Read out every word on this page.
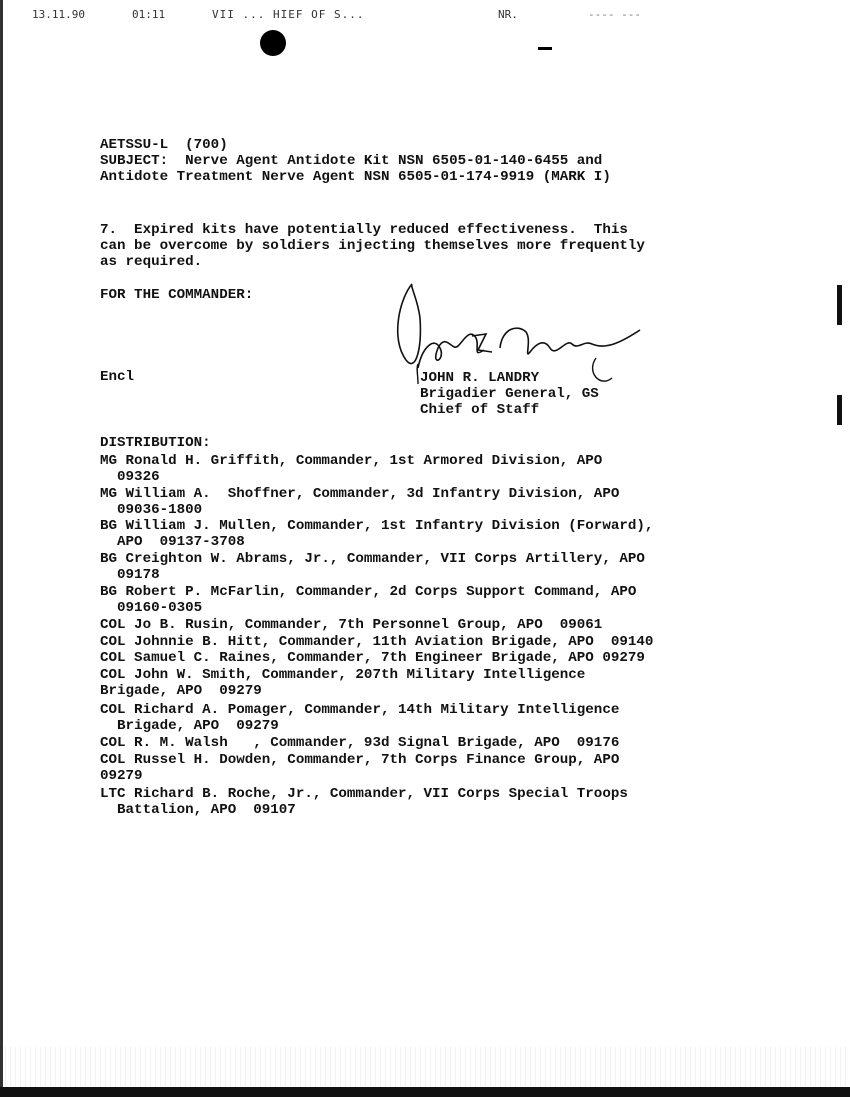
13.11.90	01:11	VII ... HIEF OF S...	NR.	---- ---
AETSSU-L  (700)
SUBJECT:  Nerve Agent Antidote Kit NSN 6505-01-140-6455 and
Antidote Treatment Nerve Agent NSN 6505-01-174-9919 (MARK I)
7.  Expired kits have potentially reduced effectiveness.  This
can be overcome by soldiers injecting themselves more frequently
as required.
FOR THE COMMANDER:
Encl	JOHN R. LANDRY
Brigadier General, GS
Chief of Staff
DISTRIBUTION:
MG Ronald H. Griffith, Commander, 1st Armored Division, APO
09326
MG William A.  Shoffner, Commander, 3d Infantry Division, APO
09036-1800
BG William J. Mullen, Commander, 1st Infantry Division (Forward),
APO  09137-3708
BG Creighton W. Abrams, Jr., Commander, VII Corps Artillery, APO
09178
BG Robert P. McFarlin, Commander, 2d Corps Support Command, APO
09160-0305
COL Jo B. Rusin, Commander, 7th Personnel Group, APO  09061
COL Johnnie B. Hitt, Commander, 11th Aviation Brigade, APO  09140
COL Samuel C. Raines, Commander, 7th Engineer Brigade, APO 09279
COL John W. Smith, Commander, 207th Military Intelligence
Brigade, APO  09279
COL Richard A. Pomager, Commander, 14th Military Intelligence
Brigade, APO  09279
COL R. M. Walsh   , Commander, 93d Signal Brigade, APO  09176
COL Russel H. Dowden, Commander, 7th Corps Finance Group, APO
09279
LTC Richard B. Roche, Jr., Commander, VII Corps Special Troops
Battalion, APO  09107
